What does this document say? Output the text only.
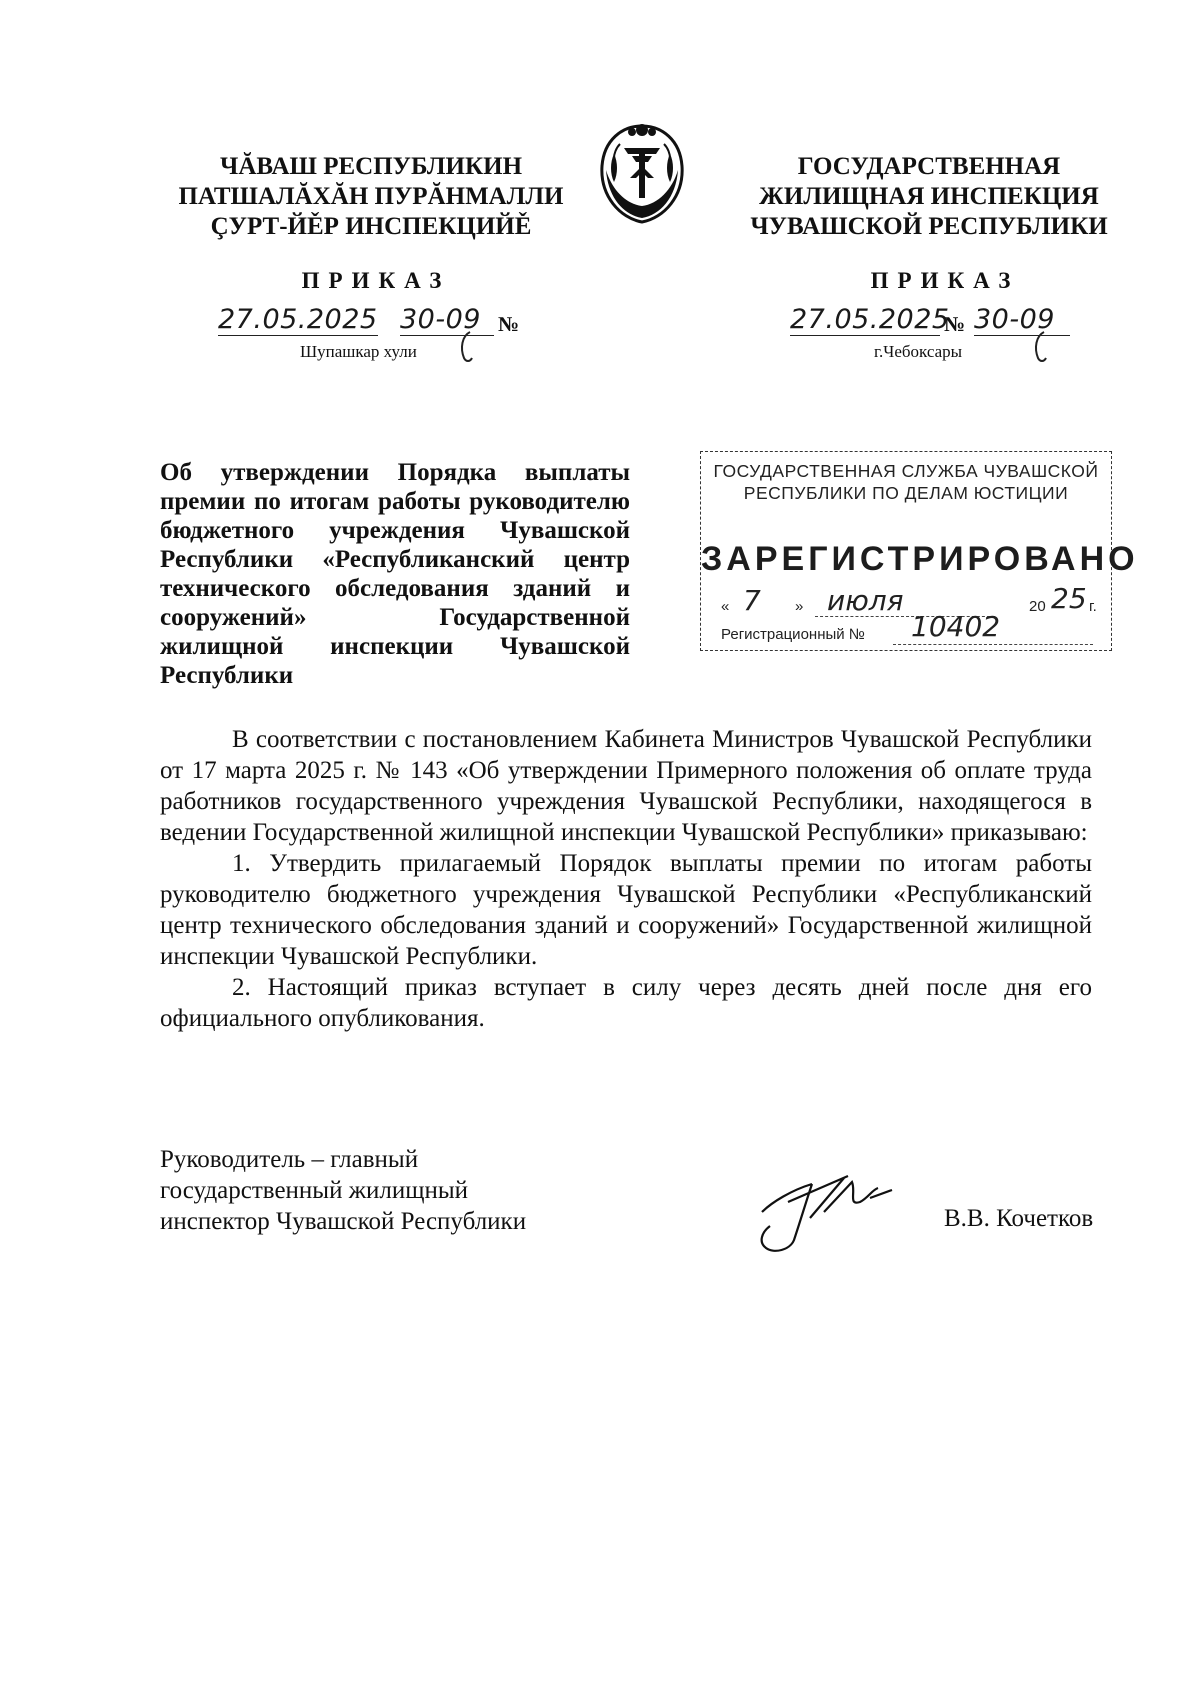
ЧĂВАШ РЕСПУБЛИКИН
ПАТШАЛĂХĂН ПУРĂНМАЛЛИ
ÇУРТ-ЙĚР ИНСПЕКЦИЙĚ
ГОСУДАРСТВЕННАЯ
ЖИЛИЩНАЯ ИНСПЕКЦИЯ
ЧУВАШСКОЙ РЕСПУБЛИКИ
ПРИКАЗ	ПРИКАЗ
27.05.2025 30-09 №
Шупашкар хули
27.05.2025
№ 30-09
г.Чебоксары
Об утверждении Порядка выплаты премии по итогам работы руководителю бюджетного учреждения Чувашской Республики «Республиканский центр технического обследования зданий и сооружений» Государственной жилищной инспекции Чувашской Республики
ГОСУДАРСТВЕННАЯ СЛУЖБА ЧУВАШСКОЙ
РЕСПУБЛИКИ ПО ДЕЛАМ ЮСТИЦИИ
ЗАРЕГИСТРИРОВАНО
« 7 » июля	20 25 г.
Регистрационный № 10402

В соответствии с постановлением Кабинета Министров Чувашской Республики от 17 марта 2025 г. № 143 «Об утверждении Примерного положения об оплате труда работников государственного учреждения Чувашской Республики, находящегося в ведении Государственной жилищной инспекции Чувашской Республики» приказываю:

1. Утвердить прилагаемый Порядок выплаты премии по итогам работы руководителю бюджетного учреждения Чувашской Республики «Республиканский центр технического обследования зданий и сооружений» Государственной жилищной инспекции Чувашской Республики.

2. Настоящий приказ вступает в силу через десять дней после дня его официального опубликования.

Руководитель – главный
государственный жилищный
инспектор Чувашской Республики	В.В. Кочетков
